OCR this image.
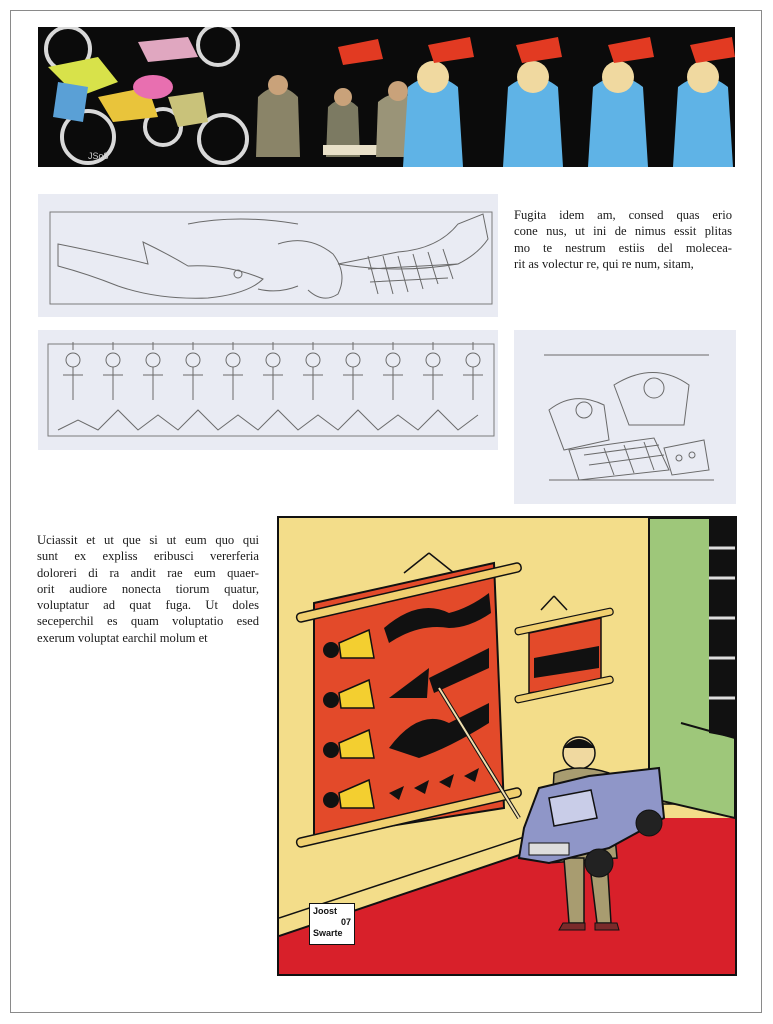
JSo8
Fugita idem am, consed quas erio
cone nus, ut ini de nimus essit plitas
mo te nestrum estiis del molecea-
rit as volectur re, qui re num, sitam,
Uciassit et ut que si ut eum quo qui
sunt ex expliss eribusci vererferia
doloreri di ra andit rae eum quaer-
orit audiore nonecta tiorum quatur,
voluptatur ad quat fuga. Ut doles
seceperchil es quam voluptatio esed
exerum voluptat earchil molum et
Joost
07
Swarte
